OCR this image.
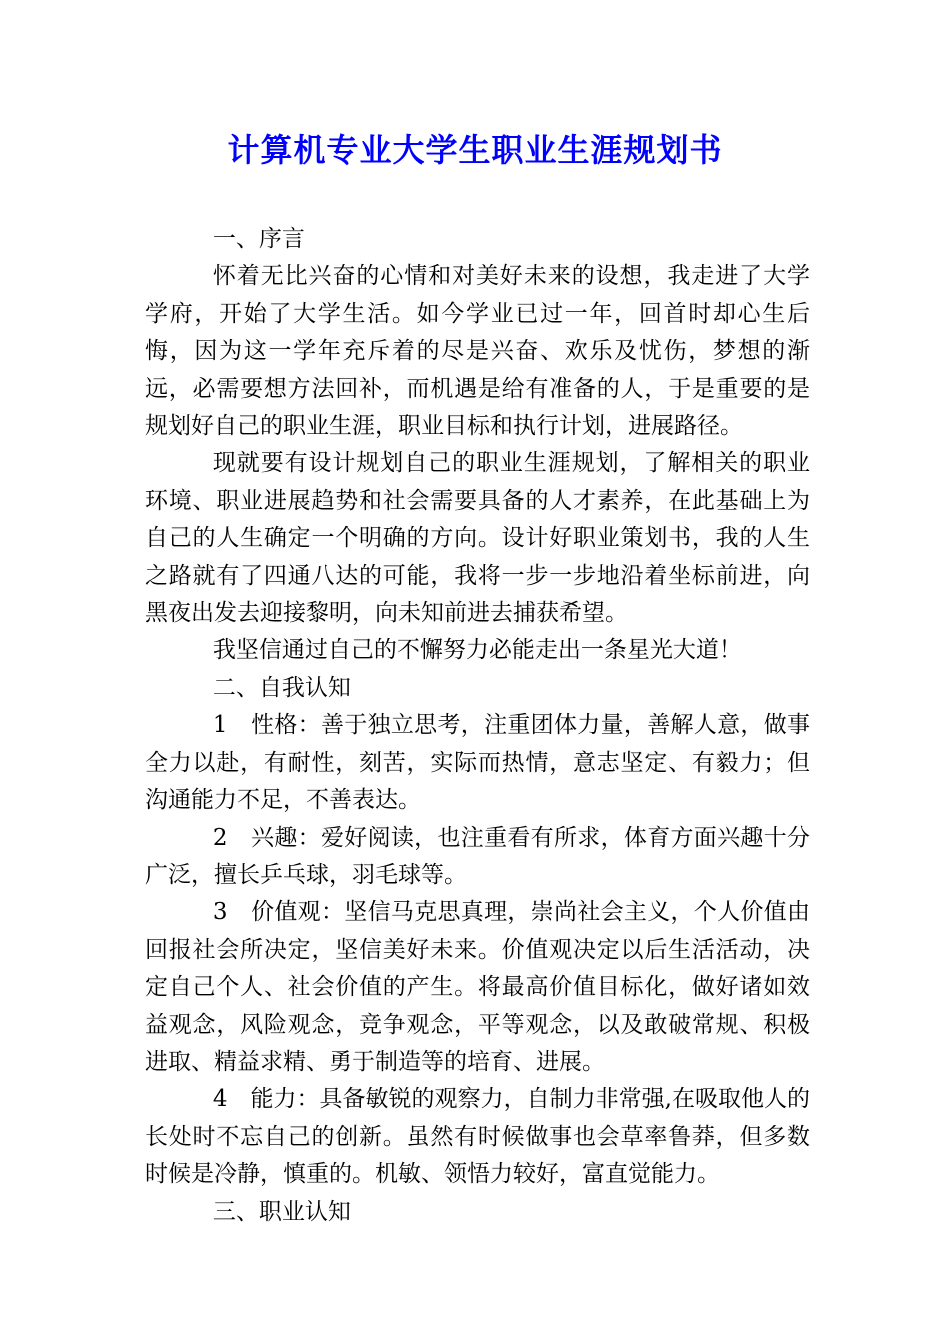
计算机专业大学生职业生涯规划书

一、序言

怀着无比兴奋的心情和对美好未来的设想，我走进了大学学府，开始了大学生活。如今学业已过一年，回首时却心生后悔，因为这一学年充斥着的尽是兴奋、欢乐及忧伤，梦想的渐远，必需要想方法回补，而机遇是给有准备的人，于是重要的是规划好自己的职业生涯，职业目标和执行计划，进展路径。

现就要有设计规划自己的职业生涯规划，了解相关的职业环境、职业进展趋势和社会需要具备的人才素养，在此基础上为自己的人生确定一个明确的方向。设计好职业策划书，我的人生之路就有了四通八达的可能，我将一步一步地沿着坐标前进，向黑夜出发去迎接黎明，向未知前进去捕获希望。

我坚信通过自己的不懈努力必能走出一条星光大道！

二、自我认知

1　性格：善于独立思考，注重团体力量，善解人意，做事全力以赴，有耐性，刻苦，实际而热情，意志坚定、有毅力；但沟通能力不足，不善表达。

2　兴趣：爱好阅读，也注重看有所求，体育方面兴趣十分广泛，擅长乒乓球，羽毛球等。

3　价值观：坚信马克思真理，崇尚社会主义，个人价值由回报社会所决定，坚信美好未来。价值观决定以后生活活动，决定自己个人、社会价值的产生。将最高价值目标化，做好诸如效益观念，风险观念，竞争观念，平等观念，以及敢破常规、积极进取、精益求精、勇于制造等的培育、进展。

4　能力：具备敏锐的观察力，自制力非常强,在吸取他人的长处时不忘自己的创新。虽然有时候做事也会草率鲁莽，但多数时候是冷静，慎重的。机敏、领悟力较好，富直觉能力。

三、职业认知
